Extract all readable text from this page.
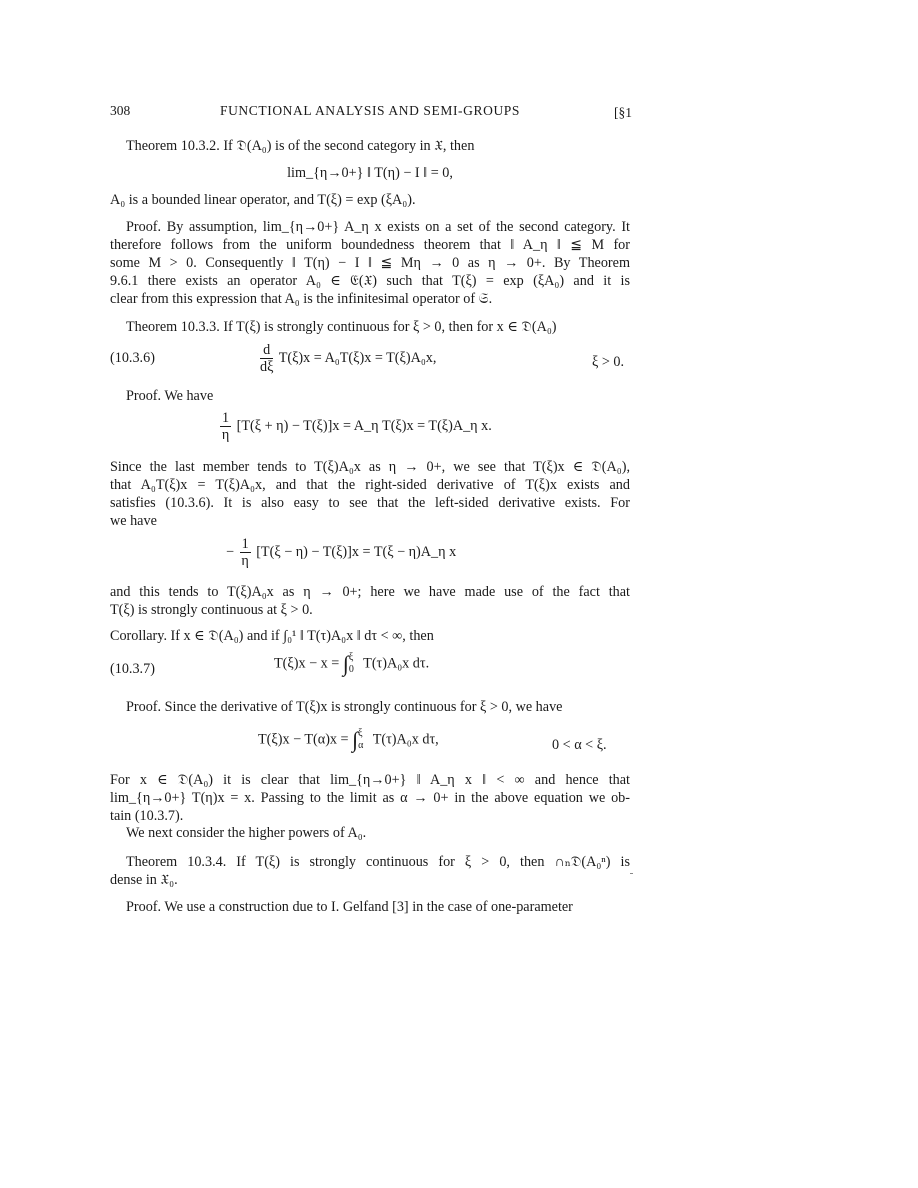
308	FUNCTIONAL ANALYSIS AND SEMI-GROUPS	[§1
Theorem 10.3.2. If 𝔇(A₀) is of the second category in 𝔛, then
lim_{η→0+} ‖ T(η) − I ‖ = 0,
A₀ is a bounded linear operator, and T(ξ) = exp (ξA₀).
Proof. By assumption, lim_{η→0+} A_η x exists on a set of the second category. It
therefore follows from the uniform boundedness theorem that ‖ A_η ‖ ≦ M for
some M > 0. Consequently ‖ T(η) − I ‖ ≦ Mη → 0 as η → 0+. By Theorem
9.6.1 there exists an operator A₀ ∈ 𝔈(𝔛) such that T(ξ) = exp (ξA₀) and it is
clear from this expression that A₀ is the infinitesimal operator of 𝔖.
Theorem 10.3.3. If T(ξ) is strongly continuous for ξ > 0, then for x ∈ 𝔇(A₀)
(10.3.6)	$\frac{d}{d\xi} T(\xi)x = A_0T(\xi)x = T(\xi)A_0x$,	ξ > 0.
Proof. We have
$\frac{1}{\eta} [T(\xi + \eta) - T(\xi)]x$ = A_η T(ξ)x = T(ξ)A_η x.
Since the last member tends to T(ξ)A₀x as η → 0+, we see that T(ξ)x ∈ 𝔇(A₀),
that A₀T(ξ)x = T(ξ)A₀x, and that the right-sided derivative of T(ξ)x exists and
satisfies (10.3.6). It is also easy to see that the left-sided derivative exists. For
we have
− $\frac{1}{\eta} [T(\xi - \eta) - T(\xi)]x = T(\xi$ − η)A_η x
and this tends to T(ξ)A₀x as η → 0+; here we have made use of the fact that
T(ξ) is strongly continuous at ξ > 0.
Corollary. If x ∈ 𝔇(A₀) and if ∫₀¹ ‖ T(τ)A₀x ‖ dτ < ∞, then
(10.3.7)	T(ξ)x − x = ∫ ξ
0 T(τ)A₀x dτ.
Proof. Since the derivative of T(ξ)x is strongly continuous for ξ > 0, we have
T(ξ)x − T(α)x = ∫ ξ
α T(τ)A₀x dτ,	0 < α < ξ.
For x ∈ 𝔇(A₀) it is clear that lim_{η→0+} ‖ A_η x ‖ < ∞ and hence that
lim_{η→0+} T(η)x = x. Passing to the limit as α → 0+ in the above equation we ob-
tain (10.3.7).
We next consider the higher powers of A₀.
Theorem 10.3.4. If T(ξ) is strongly continuous for ξ > 0, then ∩ₙ𝔇(A₀ⁿ) is
dense in 𝔛₀.
Proof. We use a construction due to I. Gelfand [3] in the case of one-parameter
